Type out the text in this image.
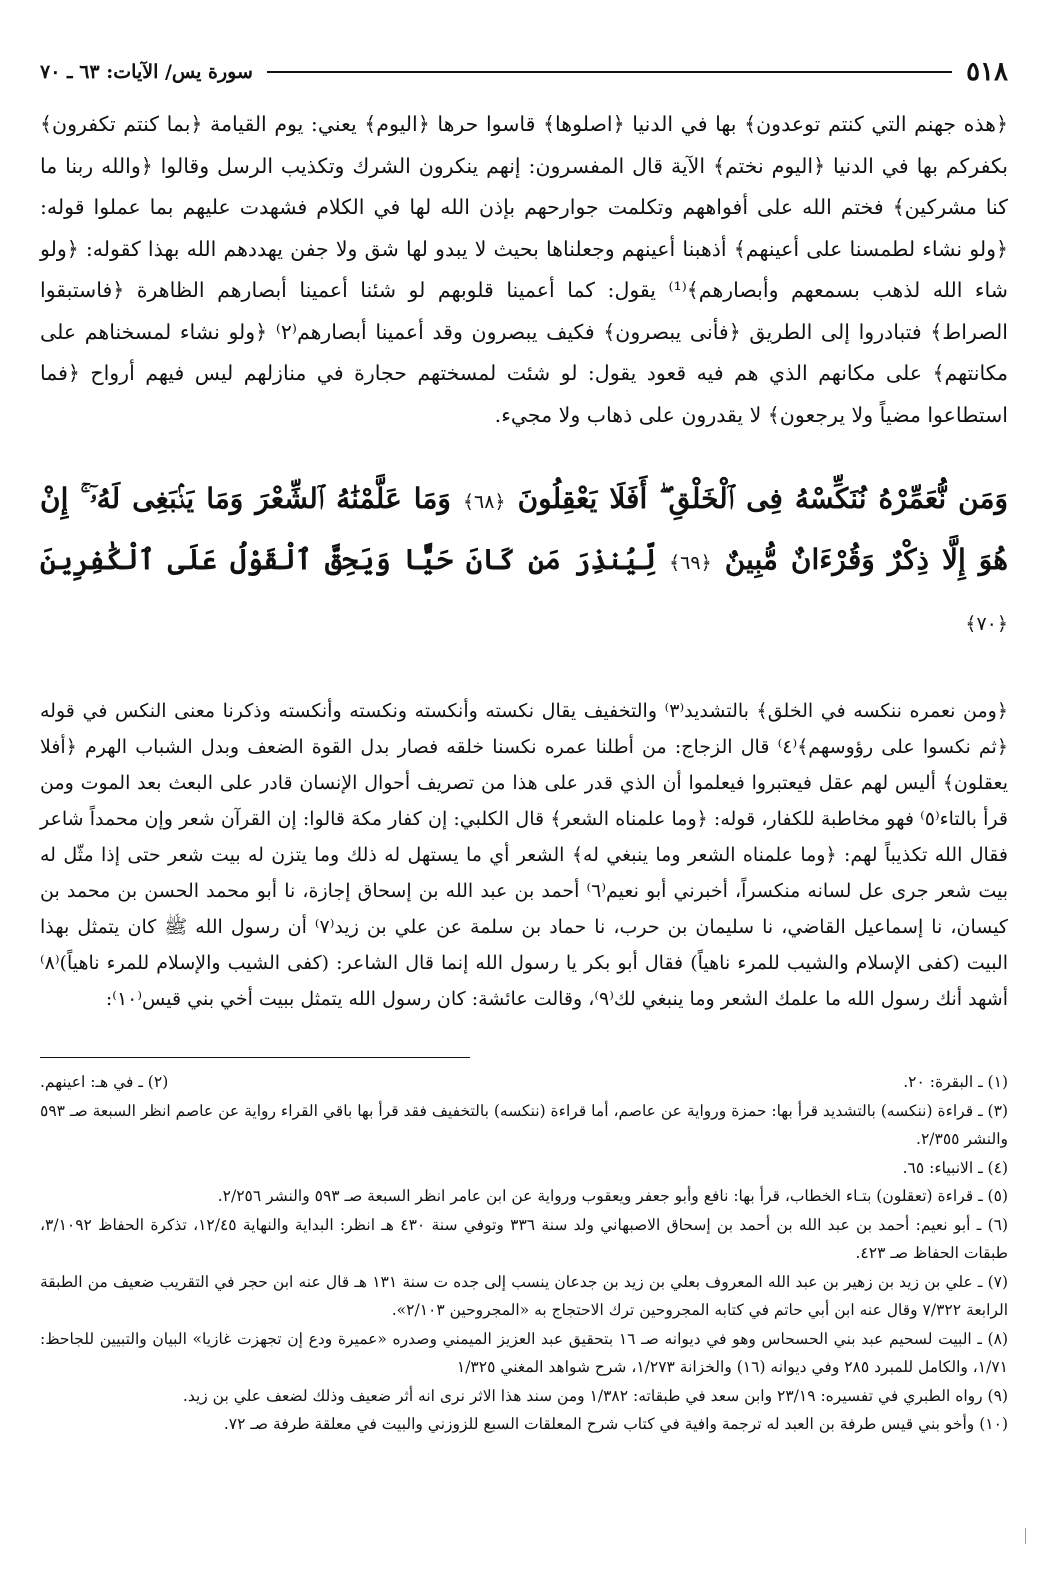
٥١٨
سورة يس/ الآيات: ٦٣ ـ ٧٠

﴿هذه جهنم التي كنتم توعدون﴾ بها في الدنيا ﴿اصلوها﴾ قاسوا حرها ﴿اليوم﴾ يعني: يوم القيامة ﴿بما كنتم تكفرون﴾ بكفركم بها في الدنيا ﴿اليوم نختم﴾ الآية قال المفسرون: إنهم ينكرون الشرك وتكذيب الرسل وقالوا ﴿والله ربنا ما كنا مشركين﴾ فختم الله على أفواههم وتكلمت جوارحهم بإذن الله لها في الكلام فشهدت عليهم بما عملوا قوله: ﴿ولو نشاء لطمسنا على أعينهم﴾ أذهبنا أعينهم وجعلناها بحيث لا يبدو لها شق ولا جفن يهددهم الله بهذا كقوله: ﴿ولو شاء الله لذهب بسمعهم وأبصارهم﴾⁽¹⁾ يقول: كما أعمينا قلوبهم لو شئنا أعمينا أبصارهم الظاهرة ﴿فاستبقوا الصراط﴾ فتبادروا إلى الطريق ﴿فأنى يبصرون﴾ فكيف يبصرون وقد أعمينا أبصارهم⁽٢⁾ ﴿ولو نشاء لمسخناهم على مكانتهم﴾ على مكانهم الذي هم فيه قعود يقول: لو شئت لمسختهم حجارة في منازلهم ليس فيهم أرواح ﴿فما استطاعوا مضياً ولا يرجعون﴾ لا يقدرون على ذهاب ولا مجيء.

وَمَن نُّعَمِّرْهُ نُنَكِّسْهُ فِى ٱلْخَلْقِ ۖ أَفَلَا يَعْقِلُونَ ﴿٦٨﴾ وَمَا عَلَّمْنَٰهُ ٱلشِّعْرَ وَمَا يَنۢبَغِى لَهُۥٓ ۚ إِنْ هُوَ إِلَّا ذِكْرٌ وَقُرْءَانٌ مُّبِينٌ ﴿٦٩﴾ لِّيُنذِرَ مَن كَانَ حَيًّا وَيَحِقَّ ٱلْقَوْلُ عَلَى ٱلْكَٰفِرِينَ ﴿٧٠﴾

﴿ومن نعمره ننكسه في الخلق﴾ بالتشديد⁽٣⁾ والتخفيف يقال نكسته وأنكسته ونكسته وأنكسته وذكرنا معنى النكس في قوله ﴿ثم نكسوا على رؤوسهم﴾⁽٤⁾ قال الزجاج: من أطلنا عمره نكسنا خلقه فصار بدل القوة الضعف وبدل الشباب الهرم ﴿أفلا يعقلون﴾ أليس لهم عقل فيعتبروا فيعلموا أن الذي قدر على هذا من تصريف أحوال الإنسان قادر على البعث بعد الموت ومن قرأ بالتاء⁽٥⁾ فهو مخاطبة للكفار، قوله: ﴿وما علمناه الشعر﴾ قال الكلبي: إن كفار مكة قالوا: إن القرآن شعر وإن محمداً شاعر فقال الله تكذيباً لهم: ﴿وما علمناه الشعر وما ينبغي له﴾ الشعر أي ما يستهل له ذلك وما يتزن له بيت شعر حتى إذا مثّل له بيت شعر جرى عل لسانه منكسراً، أخبرني أبو نعيم⁽٦⁾ أحمد بن عبد الله بن إسحاق إجازة، نا أبو محمد الحسن بن محمد بن كيسان، نا إسماعيل القاضي، نا سليمان بن حرب، نا حماد بن سلمة عن علي بن زيد⁽٧⁾ أن رسول الله ﷺ كان يتمثل بهذا البيت (كفى الإسلام والشيب للمرء ناهياً) فقال أبو بكر يا رسول الله إنما قال الشاعر: (كفى الشيب والإسلام للمرء ناهياً)⁽٨⁾ أشهد أنك رسول الله ما علمك الشعر وما ينبغي لك⁽٩⁾، وقالت عائشة: كان رسول الله يتمثل ببيت أخي بني قيس⁽١٠⁾:

(١) ـ البقرة: ٢٠.

(٢) ـ في هـ: اعينهم.

(٣) ـ قراءة (ننكسه) بالتشديد قرأ بها: حمزة ورواية عن عاصم، أما قراءة (ننكسه) بالتخفيف فقد قرأ بها باقي القراء رواية عن عاصم انظر السبعة صـ ٥٩٣ والنشر ٢/٣٥٥.

(٤) ـ الانبياء: ٦٥.

(٥) ـ قراءة (تعقلون) بتـاء الخطاب، قرأ بها: نافع وأبو جعفر ويعقوب ورواية عن ابن عامر انظر السبعة صـ ٥٩٣ والنشر ٢/٢٥٦.

(٦) ـ أبو نعيم: أحمد بن عبد الله بن أحمد بن إسحاق الاصبهاني ولد سنة ٣٣٦ وتوفي سنة ٤٣٠ هـ انظر: البداية والنهاية ١٢/٤٥، تذكرة الحفاظ ٣/١٠٩٢، طبقات الحفاظ صـ ٤٢٣.

(٧) ـ علي بن زيد بن زهير بن عبد الله المعروف بعلي بن زيد بن جدعان ينسب إلى جده ت سنة ١٣١ هـ قال عنه ابن حجر في التقريب ضعيف من الطبقة الرابعة ٧/٣٢٢ وقال عنه ابن أبي حاتم في كتابه المجروحين ترك الاحتجاج به «المجروحين ٢/١٠٣».

(٨) ـ البيت لسحيم عبد بني الحسحاس وهو في ديوانه صـ ١٦ بتحقيق عبد العزيز الميمني وصدره «عميرة ودع إن تجهزت غازيا» البيان والتبيين للجاحظ: ١/٧١، والكامل للمبرد ٢٨٥ وفي ديوانه (١٦) والخزانة ١/٢٧٣، شرح شواهد المغني ١/٣٢٥

(٩) رواه الطبري في تفسيره: ٢٣/١٩ وابن سعد في طبقاته: ١/٣٨٢ ومن سند هذا الاثر نرى انه أثر ضعيف وذلك لضعف علي بن زيد.

(١٠) وأخو بني قيس طرفة بن العبد له ترجمة وافية في كتاب شرح المعلقات السبع للزوزني والبيت في معلقة طرفة صـ ٧٢.
